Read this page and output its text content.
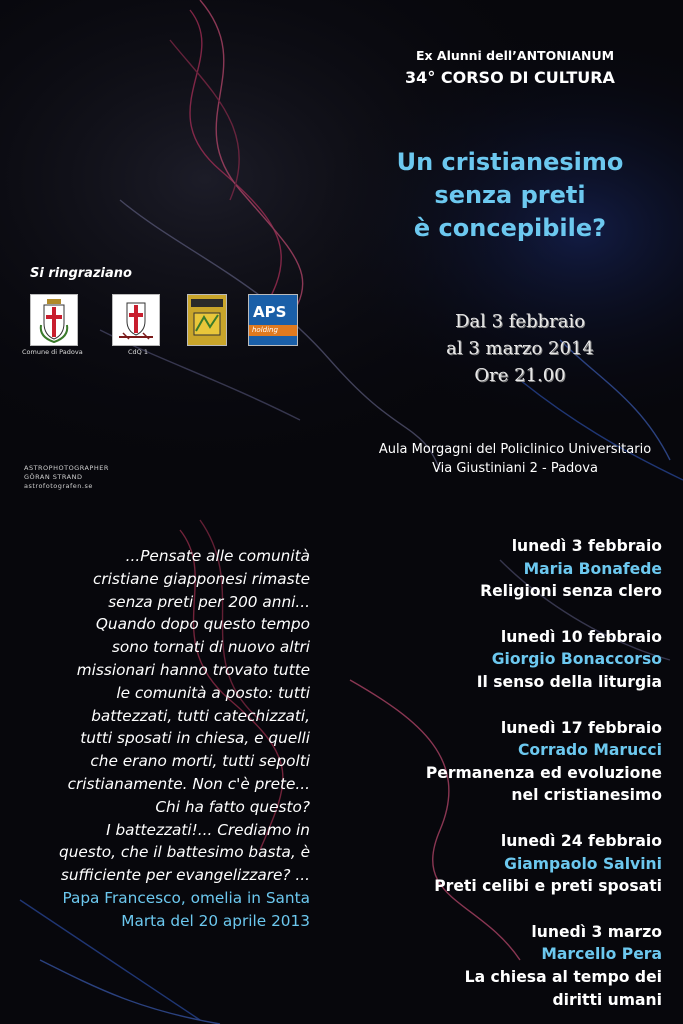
Ex Alunni dell’ANTONIANUM
34° CORSO DI CULTURA
Un cristianesimo
senza preti
è concepibile?
Dal 3 febbraio
al 3 marzo 2014
Ore 21.00
Aula Morgagni del Policlinico Universitario
Via Giustiniani 2 - Padova
Si ringraziano
Comune di Padova	CdQ 1
APS
holding
ASTROPHOTOGRAPHER
GÖRAN STRAND
astrofotografen.se
...Pensate alle comunità
cristiane giapponesi rimaste
senza preti per 200 anni...
Quando dopo questo tempo
sono tornati di nuovo altri
missionari hanno trovato tutte
le comunità a posto: tutti
battezzati, tutti catechizzati,
tutti sposati in chiesa, e quelli
che erano morti, tutti sepolti
cristianamente. Non c'è prete...
Chi ha fatto questo?
I battezzati!... Crediamo in
questo, che il battesimo basta, è
sufficiente per evangelizzare? ...
Papa Francesco, omelia in Santa
Marta del 20 aprile 2013
lunedì 3 febbraio
Maria Bonafede
Religioni senza clero
lunedì 10 febbraio
Giorgio Bonaccorso
Il senso della liturgia
lunedì 17 febbraio
Corrado Marucci
Permanenza ed evoluzione
nel cristianesimo
lunedì 24 febbraio
Giampaolo Salvini
Preti celibi e preti sposati
lunedì 3 marzo
Marcello Pera
La chiesa al tempo dei
diritti umani
